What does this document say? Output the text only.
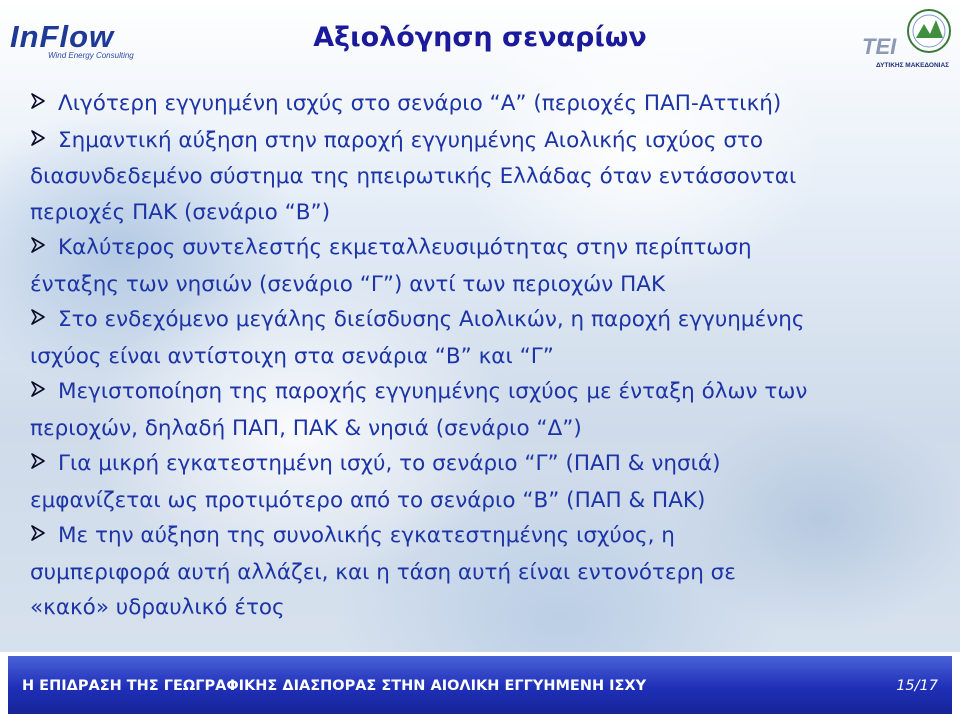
InFlow
Wind Energy Consulting
Αξιολόγηση σεναρίων	ΤΕΙ
ΔΥΤΙΚΗΣ ΜΑΚΕΔΟΝΙΑΣ

Λιγότερη εγγυημένη ισχύς στο σενάριο “Α” (περιοχές ΠΑΠ-Αττική)

Σημαντική αύξηση στην παροχή εγγυημένης Αιολικής ισχύος στο

διασυνδεδεμένο σύστημα της ηπειρωτικής Ελλάδας όταν εντάσσονται

περιοχές ΠΑΚ (σενάριο “Β”)

Καλύτερος συντελεστής εκμεταλλευσιμότητας στην περίπτωση

ένταξης των νησιών (σενάριο “Γ”) αντί των περιοχών ΠΑΚ

Στο ενδεχόμενο μεγάλης διείσδυσης Αιολικών, η παροχή εγγυημένης

ισχύος είναι αντίστοιχη στα σενάρια “Β” και “Γ”

Μεγιστοποίηση της παροχής εγγυημένης ισχύος με ένταξη όλων των

περιοχών, δηλαδή ΠΑΠ, ΠΑΚ & νησιά (σενάριο “Δ”)

Για μικρή εγκατεστημένη ισχύ, το σενάριο “Γ” (ΠΑΠ & νησιά)

εμφανίζεται ως προτιμότερο από το σενάριο “Β” (ΠΑΠ & ΠΑΚ)

Με την αύξηση της συνολικής εγκατεστημένης ισχύος, η

συμπεριφορά αυτή αλλάζει, και η τάση αυτή είναι εντονότερη σε

«κακό» υδραυλικό έτος

Η ΕΠΙΔΡΑΣΗ ΤΗΣ ΓΕΩΓΡΑΦΙΚΗΣ ΔΙΑΣΠΟΡΑΣ ΣΤΗΝ ΑΙΟΛΙΚΗ ΕΓΓΥΗΜΕΝΗ ΙΣΧΥ	15/17
